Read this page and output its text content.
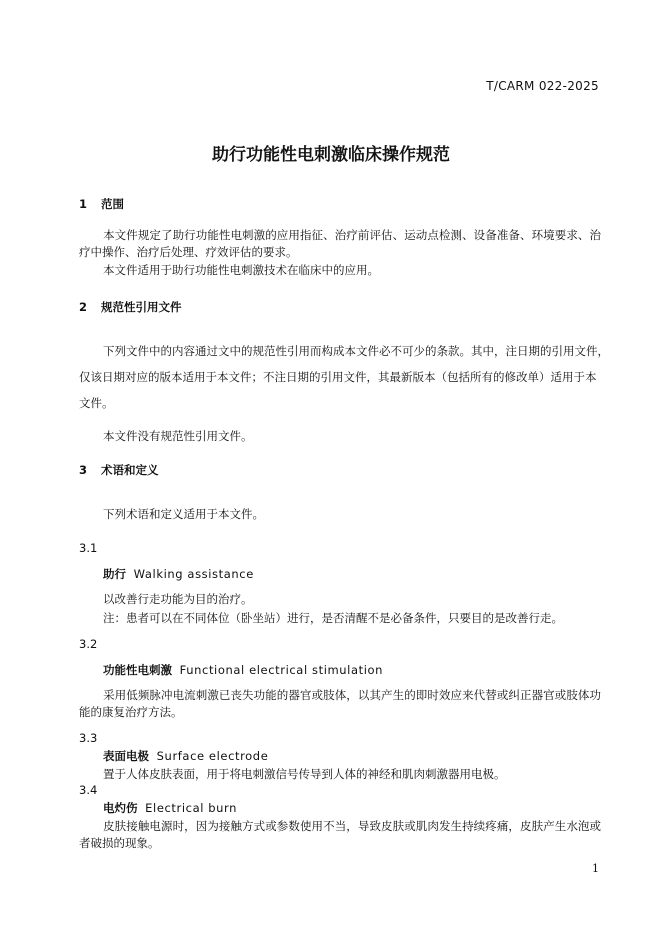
T/CARM 022-2025
助行功能性电刺激临床操作规范
1 范围
本文件规定了助行功能性电刺激的应用指征、治疗前评估、运动点检测、设备准备、环境要求、治疗中操作、治疗后处理、疗效评估的要求。
本文件适用于助行功能性电刺激技术在临床中的应用。
2 规范性引用文件
下列文件中的内容通过文中的规范性引用而构成本文件必不可少的条款。其中，注日期的引用文件，
仅该日期对应的版本适用于本文件；不注日期的引用文件，其最新版本（包括所有的修改单）适用于本
文件。
本文件没有规范性引用文件。
3 术语和定义
下列术语和定义适用于本文件。
3.1
助行 Walking assistance
以改善行走功能为目的治疗。
注：患者可以在不同体位（卧坐站）进行，是否清醒不是必备条件，只要目的是改善行走。
3.2
功能性电刺激 Functional electrical stimulation
采用低频脉冲电流刺激已丧失功能的器官或肢体，以其产生的即时效应来代替或纠正器官或肢体功能的康复治疗方法。
3.3
表面电极 Surface electrode
置于人体皮肤表面，用于将电刺激信号传导到人体的神经和肌肉刺激器用电极。
3.4
电灼伤 Electrical burn
皮肤接触电源时，因为接触方式或参数使用不当，导致皮肤或肌肉发生持续疼痛，皮肤产生水泡或者破损的现象。
1
